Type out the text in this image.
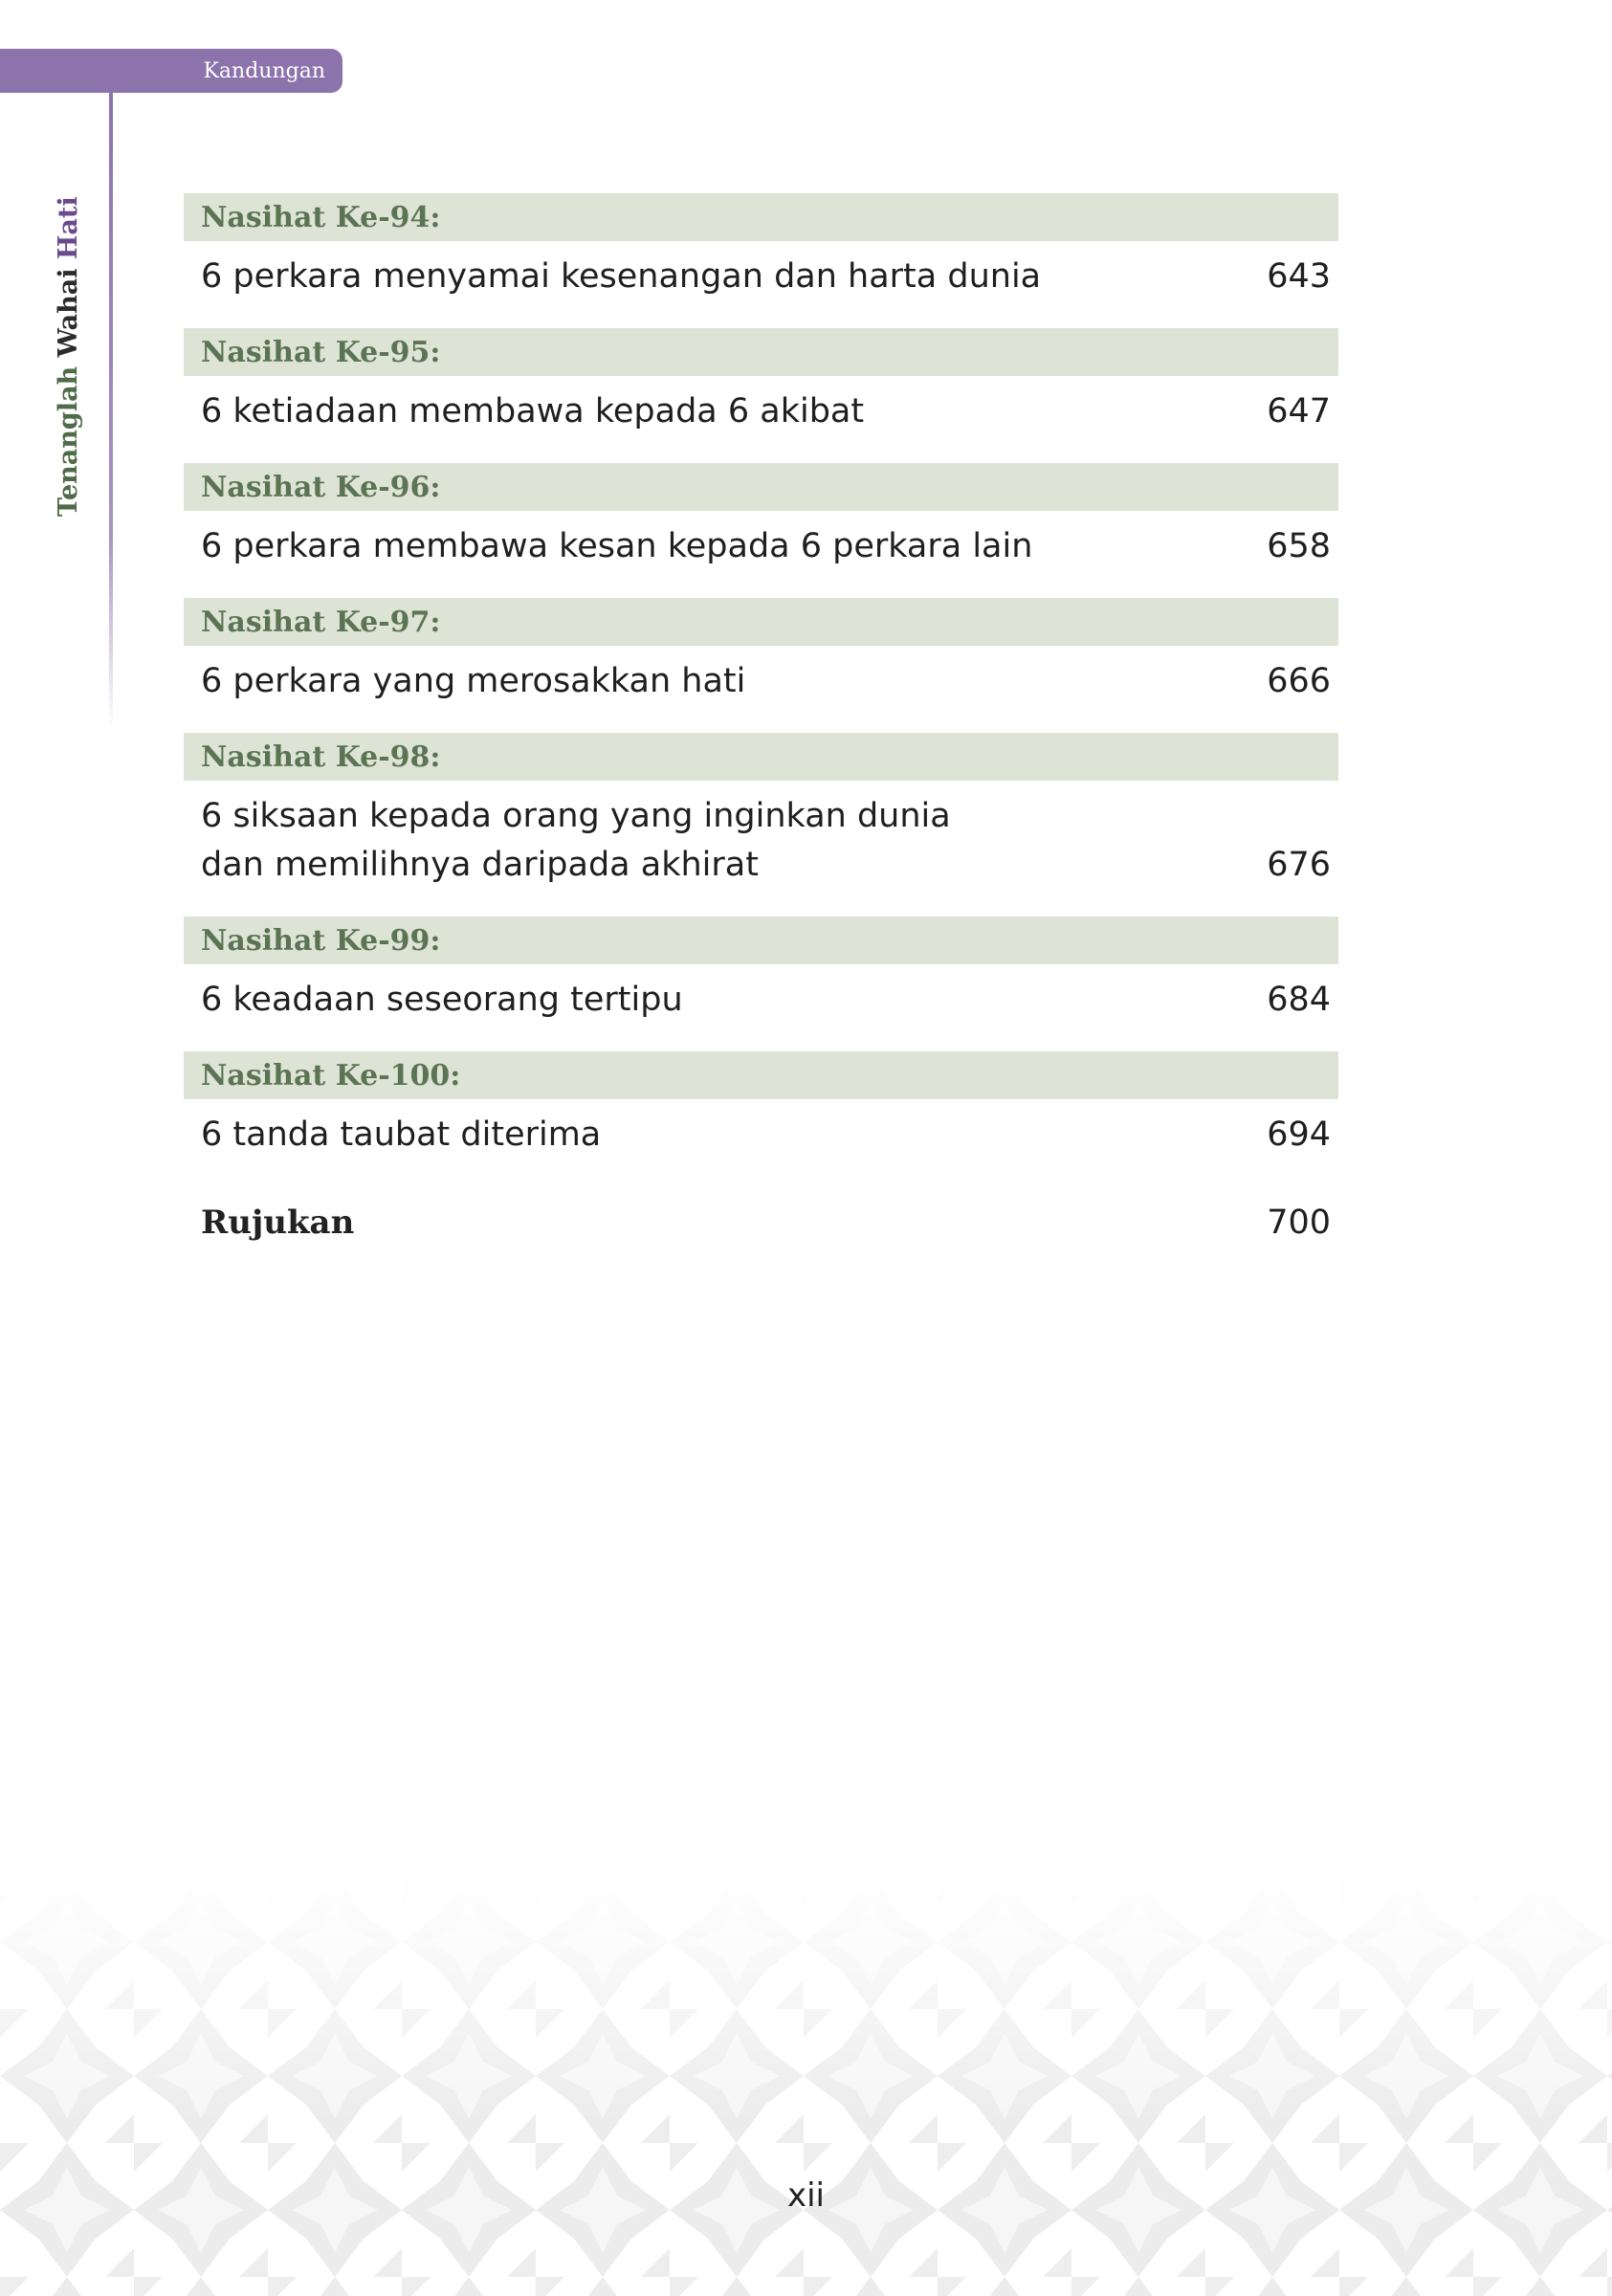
Kandungan
Tenanglah Wahai Hati	Nasihat Ke-94:
6 perkara menyamai kesenangan dan harta dunia	643
Nasihat Ke-95:
6 ketiadaan membawa kepada 6 akibat	647
Nasihat Ke-96:
6 perkara membawa kesan kepada 6 perkara lain	658
Nasihat Ke-97:
6 perkara yang merosakkan hati	666
Nasihat Ke-98:
6 siksaan kepada orang yang inginkan dunia dan memilihnya daripada akhirat	676
Nasihat Ke-99:
6 keadaan seseorang tertipu	684
Nasihat Ke-100:
6 tanda taubat diterima	694
Rujukan	700
xii
